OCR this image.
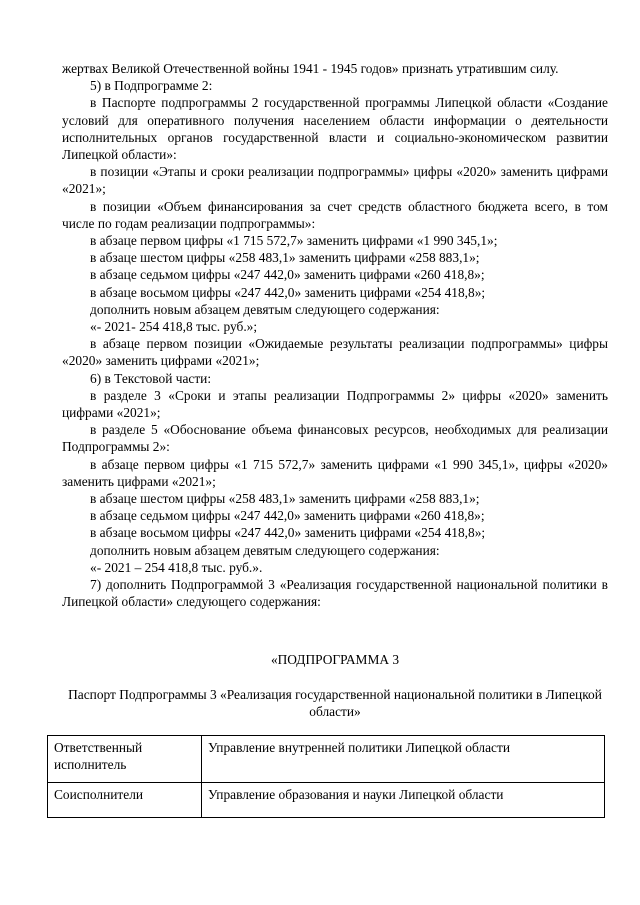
жертвах Великой Отечественной войны 1941 - 1945 годов» признать утратившим силу.

5) в Подпрограмме 2:

в Паспорте подпрограммы 2 государственной программы Липецкой области «Создание условий для оперативного получения населением области информации о деятельности исполнительных органов государственной власти и социально-экономическом развитии Липецкой области»:

в позиции «Этапы и сроки реализации подпрограммы» цифры «2020» заменить цифрами «2021»;

в позиции «Объем финансирования за счет средств областного бюджета всего, в том числе по годам реализации подпрограммы»:

в абзаце первом цифры «1 715 572,7» заменить цифрами «1 990 345,1»;

в абзаце шестом цифры «258 483,1» заменить цифрами «258 883,1»;

в абзаце седьмом цифры «247 442,0» заменить цифрами «260 418,8»;

в абзаце восьмом цифры «247 442,0» заменить цифрами «254 418,8»;

дополнить новым абзацем девятым следующего содержания:

«- 2021- 254 418,8 тыс. руб.»;

в абзаце первом позиции «Ожидаемые результаты реализации подпрограммы» цифры «2020» заменить цифрами «2021»;

6) в Текстовой части:

в разделе 3 «Сроки и этапы реализации Подпрограммы 2» цифры «2020» заменить цифрами «2021»;

в разделе 5 «Обоснование объема финансовых ресурсов, необходимых для реализации Подпрограммы 2»:

в абзаце первом цифры «1 715 572,7» заменить цифрами «1 990 345,1», цифры «2020» заменить цифрами «2021»;

в абзаце шестом цифры «258 483,1» заменить цифрами «258 883,1»;

в абзаце седьмом цифры «247 442,0» заменить цифрами «260 418,8»;

в абзаце восьмом цифры «247 442,0» заменить цифрами «254 418,8»;

дополнить новым абзацем девятым следующего содержания:

«- 2021 – 254 418,8 тыс. руб.».

7) дополнить Подпрограммой 3 «Реализация государственной национальной политики в Липецкой области» следующего содержания:

«ПОДПРОГРАММА 3

Паспорт Подпрограммы 3 «Реализация государственной национальной политики в Липецкой области»

Ответственный исполнитель	Управление внутренней политики Липецкой области
Соисполнители	Управление образования и науки Липецкой области
